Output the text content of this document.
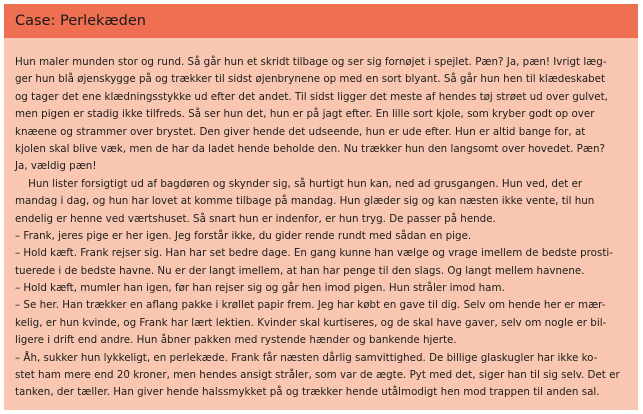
Case: Perlekæden
Hun maler munden stor og rund. Så går hun et skridt tilbage og ser sig fornøjet i spejlet. Pæn? Ja, pæn! Ivrigt læg-
ger hun blå øjenskygge på og trækker til sidst øjenbrynene op med en sort blyant. Så går hun hen til klædeskabet
og tager det ene klædningsstykke ud efter det andet. Til sidst ligger det meste af hendes tøj strøet ud over gulvet,
men pigen er stadig ikke tilfreds. Så ser hun det, hun er på jagt efter. En lille sort kjole, som kryber godt op over
knæene og strammer over brystet. Den giver hende det udseende, hun er ude efter. Hun er altid bange for, at
kjolen skal blive væk, men de har da ladet hende beholde den. Nu trækker hun den langsomt over hovedet. Pæn?
Ja, vældig pæn!
Hun lister forsigtigt ud af bagdøren og skynder sig, så hurtigt hun kan, ned ad grusgangen. Hun ved, det er
mandag i dag, og hun har lovet at komme tilbage på mandag. Hun glæder sig og kan næsten ikke vente, til hun
endelig er henne ved værtshuset. Så snart hun er indenfor, er hun tryg. De passer på hende.
– Frank, jeres pige er her igen. Jeg forstår ikke, du gider rende rundt med sådan en pige.
– Hold kæft. Frank rejser sig. Han har set bedre dage. En gang kunne han vælge og vrage imellem de bedste prosti-
tuerede i de bedste havne. Nu er der langt imellem, at han har penge til den slags. Og langt mellem havnene.
– Hold kæft, mumler han igen, før han rejser sig og går hen imod pigen. Hun stråler imod ham.
– Se her. Han trækker en aflang pakke i krøllet papir frem. Jeg har købt en gave til dig. Selv om hende her er mær-
kelig, er hun kvinde, og Frank har lært lektien. Kvinder skal kurtiseres, og de skal have gaver, selv om nogle er bil-
ligere i drift end andre. Hun åbner pakken med rystende hænder og bankende hjerte.
– Åh, sukker hun lykkeligt, en perlekæde. Frank får næsten dårlig samvittighed. De billige glaskugler har ikke ko-
stet ham mere end 20 kroner, men hendes ansigt stråler, som var de ægte. Pyt med det, siger han til sig selv. Det er
tanken, der tæller. Han giver hende halssmykket på og trækker hende utålmodigt hen mod trappen til anden sal.
